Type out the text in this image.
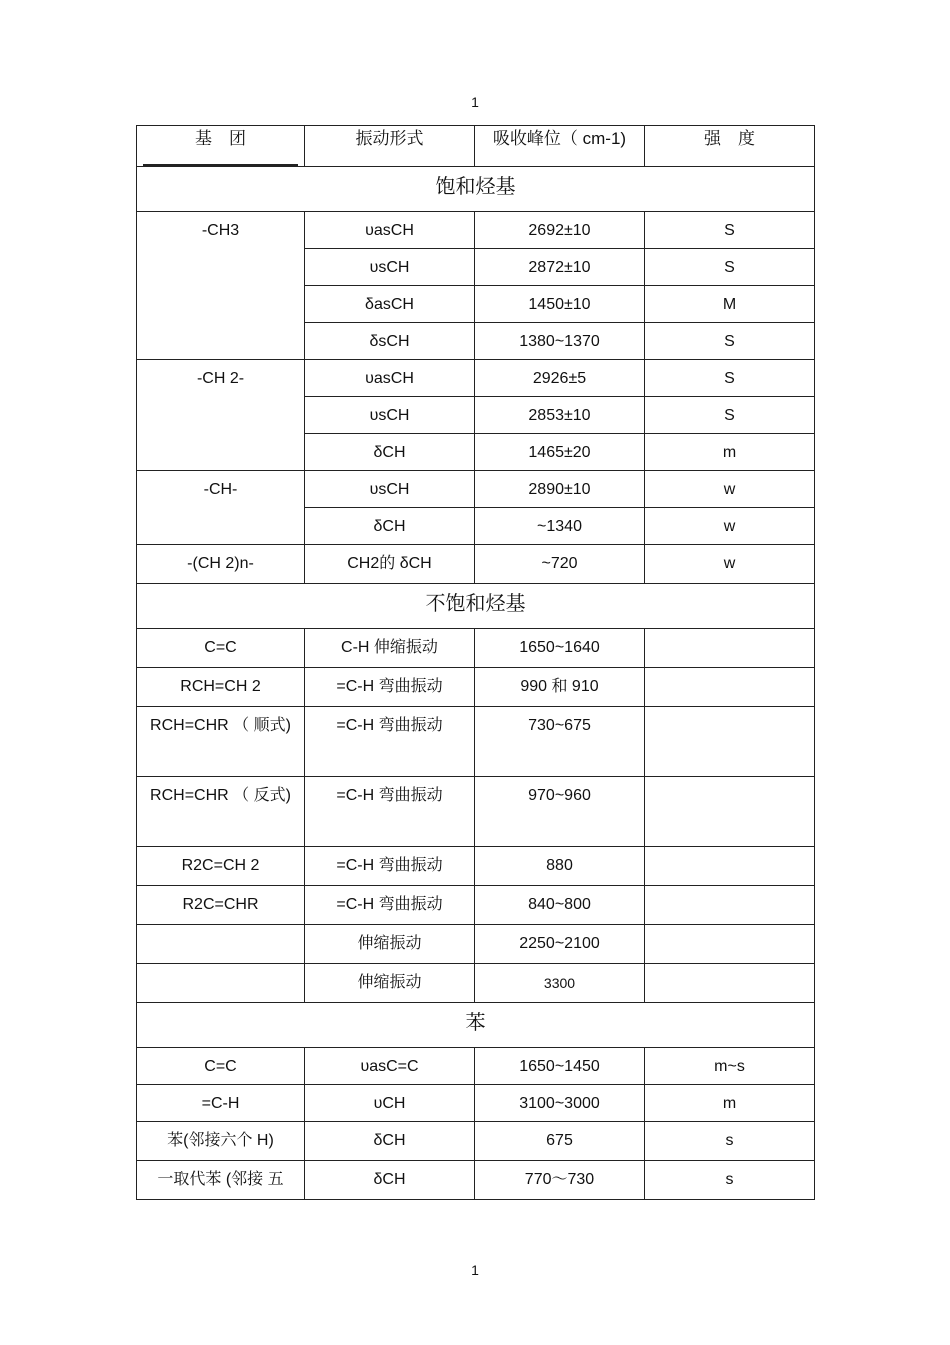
1
基　团	振动形式	吸收峰位（ cm-1)	强　度
饱和烃基			
-CH3	υasCH	2692±10	S
	υsCH	2872±10	S
	δasCH	1450±10	M
	δsCH	1380~1370	S
-CH 2-	υasCH	2926±5	S
	υsCH	2853±10	S
	δCH	1465±20	m
-CH-	υsCH	2890±10	w
	δCH	~1340	w
-(CH 2)n-	CH2的 δCH	~720	w
不饱和烃基			
C=C	C-H 伸缩振动	1650~1640	
RCH=CH 2	=C-H 弯曲振动	990 和 910	
RCH=CHR （ 顺式)	=C-H 弯曲振动	730~675	
RCH=CHR （ 反式)	=C-H 弯曲振动	970~960	
R2C=CH 2	=C-H 弯曲振动	880	
R2C=CHR	=C-H 弯曲振动	840~800	
	伸缩振动	2250~2100	
	伸缩振动	3300	
苯			
C=C	υasC=C	1650~1450	m~s
=C-H	υCH	3100~3000	m
苯(邻接六个 H)	δCH	675	s
一取代苯 (邻接 五	δCH	770～730	s
1
